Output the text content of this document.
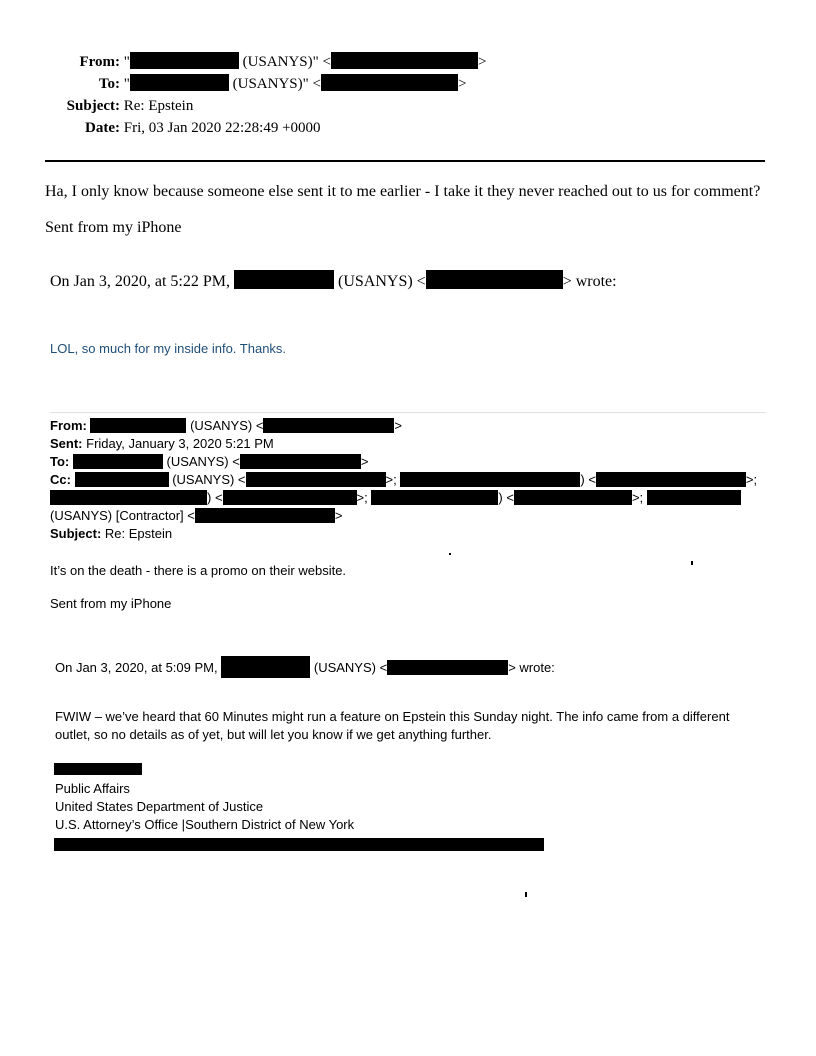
From: "	(USANYS)" <	>
To: "	(USANYS)" <	>
Subject: Re: Epstein
Date: Fri, 03 Jan 2020 22:28:49 +0000
Ha, I only know because someone else sent it to me earlier - I take it they never reached out to us for comment?
Sent from my iPhone
On Jan 3, 2020, at 5:22 PM,	(USANYS) <	> wrote:
LOL, so much for my inside info. Thanks.
From:	(USANYS) <	>
Sent: Friday, January 3, 2020 5:21 PM
To:	(USANYS) <	>
Cc:	(USANYS) <	>;	) <	>;
) <	>;	) <	>;
(USANYS) [Contractor] <	>
Subject: Re: Epstein
It’s on the death - there is a promo on their website.
Sent from my iPhone
On Jan 3, 2020, at 5:09 PM,	(USANYS) <	> wrote:
FWIW – we’ve heard that 60 Minutes might run a feature on Epstein this Sunday night. The info came from a different
outlet, so no details as of yet, but will let you know if we get anything further.
Public Affairs
United States Department of Justice
U.S. Attorney’s Office |Southern District of New York
